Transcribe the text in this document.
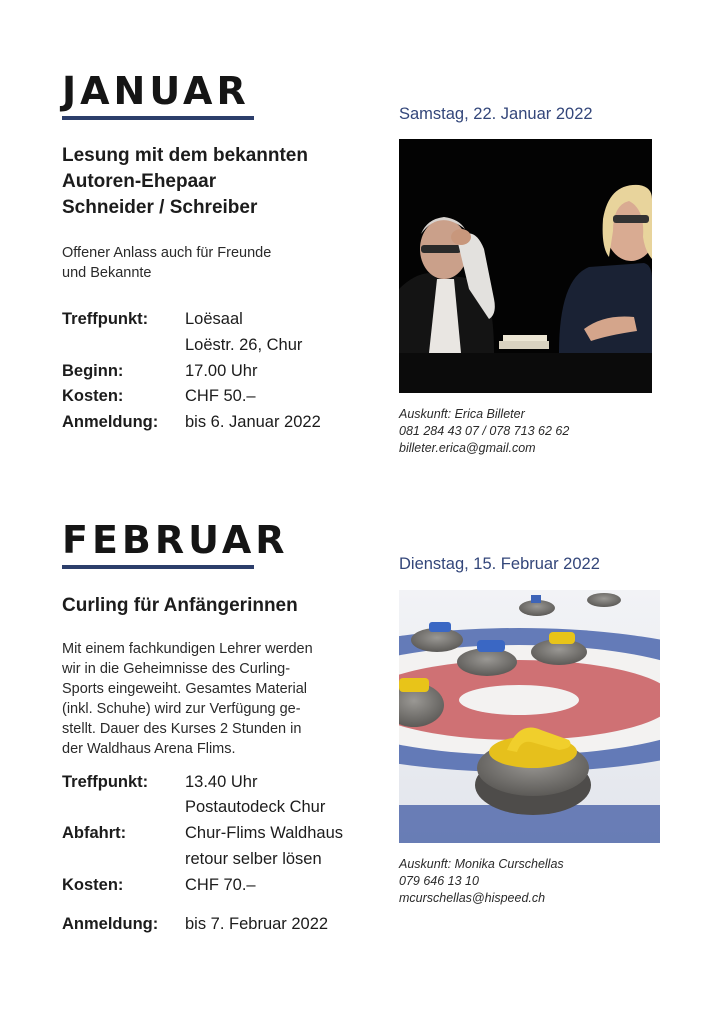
JANUAR
Samstag, 22. Januar 2022
Lesung mit dem bekannten
Autoren-Ehepaar
Schneider / Schreiber
Offener Anlass auch für Freunde
und Bekannte
Treffpunkt: Loësaal
Loëstr. 26, Chur
Beginn:	17.00 Uhr
Kosten:	CHF 50.–
Anmeldung: bis 6. Januar 2022	Auskunft: Erica Billeter
081 284 43 07 / 078 713 62 62
billeter.erica@gmail.com
FEBRUAR
Dienstag, 15. Februar 2022
Curling für Anfängerinnen
Mit einem fachkundigen Lehrer werden
wir in die Geheimnisse des Curling-
Sports eingeweiht. Gesamtes Material
(inkl. Schuhe) wird zur Verfügung ge-
stellt. Dauer des Kurses 2 Stunden in
der Waldhaus Arena Flims.
Treffpunkt: 13.40 Uhr
Postautodeck Chur
Abfahrt:	Chur-Flims Waldhaus
retour selber lösen
Kosten:	CHF 70.–
Anmeldung: bis 7. Februar 2022
Auskunft: Monika Curschellas
079 646 13 10
mcurschellas@hispeed.ch
